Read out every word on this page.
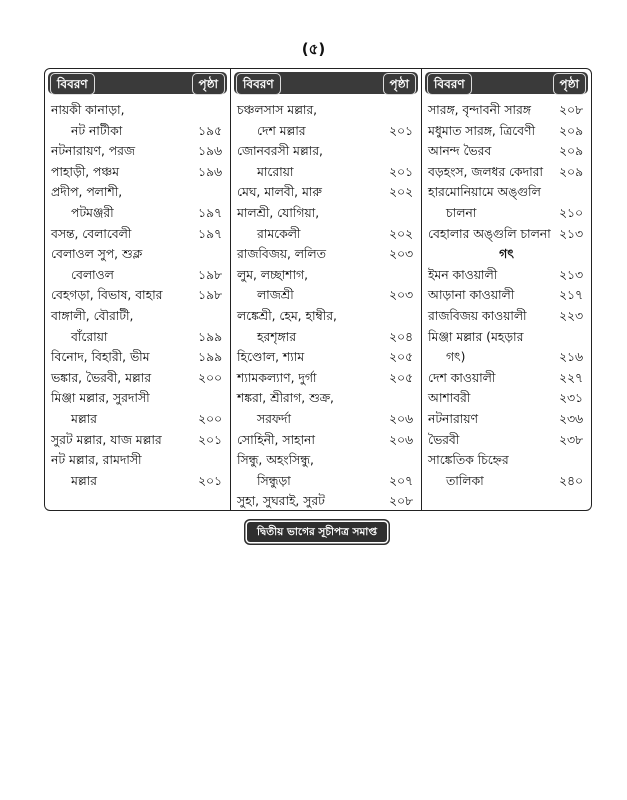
(৫)
বিবরণ	পৃষ্ঠা
নায়কী কানাড়া,
নট নাটীকা	১৯৫
নটনারায়ণ, পরজ	১৯৬
পাহাড়ী, পঞ্চম	১৯৬
প্রদীপ, পলাশী,
পটমঞ্জরী	১৯৭
বসন্ত, বেলাবেলী	১৯৭
বেলাওল সুপ, শুক্ল
বেলাওল	১৯৮
বেহগড়া, বিভাষ, বাহার	১৯৮
বাঙ্গালী, বৌরাটী,
বাঁরোয়া	১৯৯
বিনোদ, বিহারী, ভীম	১৯৯
ভঙ্কার, ভৈরবী, মল্লার	২০০
মিঞ্জা মল্লার, সুরদাসী
মল্লার	২০০
সুরট মল্লার, যাজ মল্লার	২০১
নট মল্লার, রামদাসী
মল্লার	২০১
বিবরণ	পৃষ্ঠা
চঞ্চলসাস মল্লার,
দেশ মল্লার	২০১
জোনবরসী মল্লার,
মারোয়া	২০১
মেঘ, মালবী, মারু	২০২
মালশ্রী, যোগিয়া,
রামকেলী	২০২
রাজবিজয়, ললিত	২০৩
লুম, লচ্ছাশাগ,
লাজশ্রী	২০৩
লঙ্কেশ্রী, হেম, হাম্বীর,
হরশৃঙ্গার	২০৪
হিণ্ডোল, শ্যাম	২০৫
শ্যামকল্যাণ, দুর্গা	২০৫
শঙ্করা, শ্রীরাগ, শুক্র,
সরফর্দা	২০৬
সোহিনী, সাহানা	২০৬
সিন্ধু, অহংসিন্ধু,
সিন্ধুড়া	২০৭
সুহা, সুঘরাই, সুরট	২০৮
বিবরণ	পৃষ্ঠা
সারঙ্গ, বৃন্দাবনী সারঙ্গ ২০৮
মধুমাত সারঙ্গ, ত্রিবেণী ২০৯
আনন্দ ভৈরব	২০৯
বড়হংস, জলধর কেদারা ২০৯
হারমোনিয়ামে অঙ্গুলি
চালনা	২১০
বেহালার অঙ্গুলি চালনা ২১৩
গৎ
ইমন কাওয়ালী	২১৩
আড়ানা কাওয়ালী	২১৭
রাজবিজয় কাওয়ালী	২২৩
মিঞ্জা মল্লার (মহড়ার
গৎ)	২১৬
দেশ কাওয়ালী	২২৭
আশাবরী	২৩১
নটনারায়ণ	২৩৬
ভৈরবী	২৩৮
সাঙ্কেতিক চিহ্নের
তালিকা	২৪০
দ্বিতীয় ভাগের সূচীপত্র সমাপ্ত
